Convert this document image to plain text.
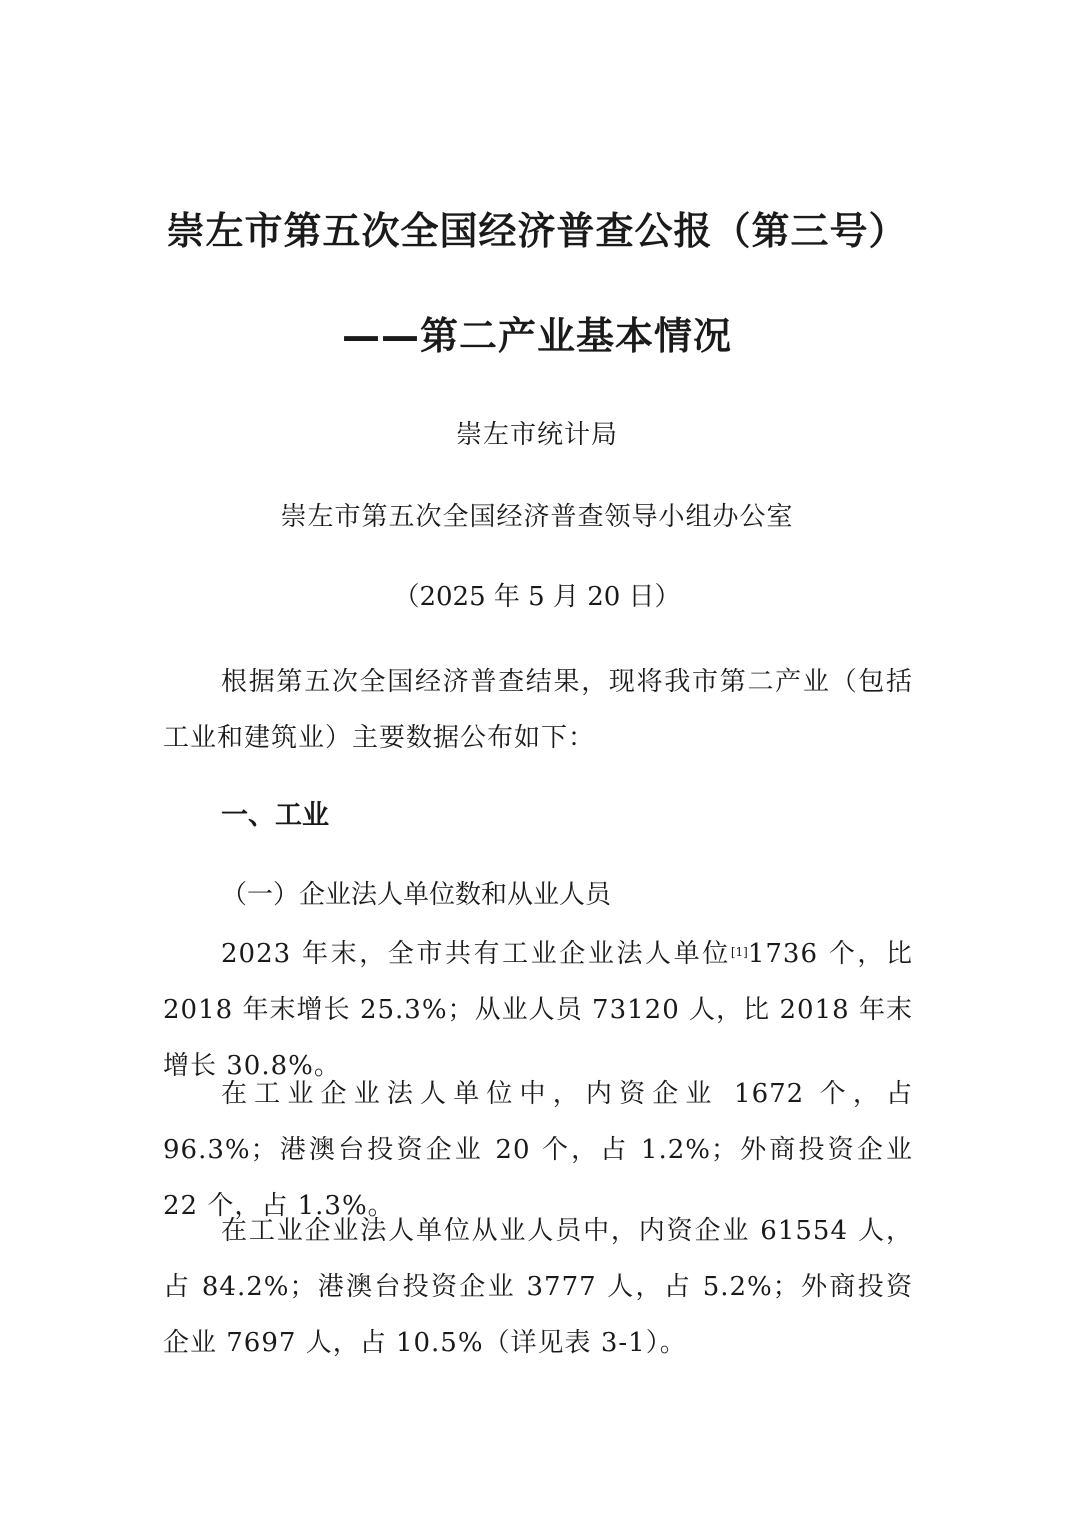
崇左市第五次全国经济普查公报（第三号）
——第二产业基本情况
崇左市统计局
崇左市第五次全国经济普查领导小组办公室
（2025 年 5 月 20 日）

根据第五次全国经济普查结果，现将我市第二产业（包括工业和建筑业）主要数据公布如下：

一、工业
（一）企业法人单位数和从业人员

2023 年末，全市共有工业企业法人单位[1]1736 个，比 2018 年末增长 25.3%；从业人员 73120 人，比 2018 年末增长 30.8%。

在工业企业法人单位中，内资企业 1672 个，占 96.3%；港澳台投资企业 20 个，占 1.2%；外商投资企业 22 个，占 1.3%。

在工业企业法人单位从业人员中，内资企业 61554 人，占 84.2%；港澳台投资企业 3777 人，占 5.2%；外商投资企业 7697 人，占 10.5%（详见表 3-1）。
